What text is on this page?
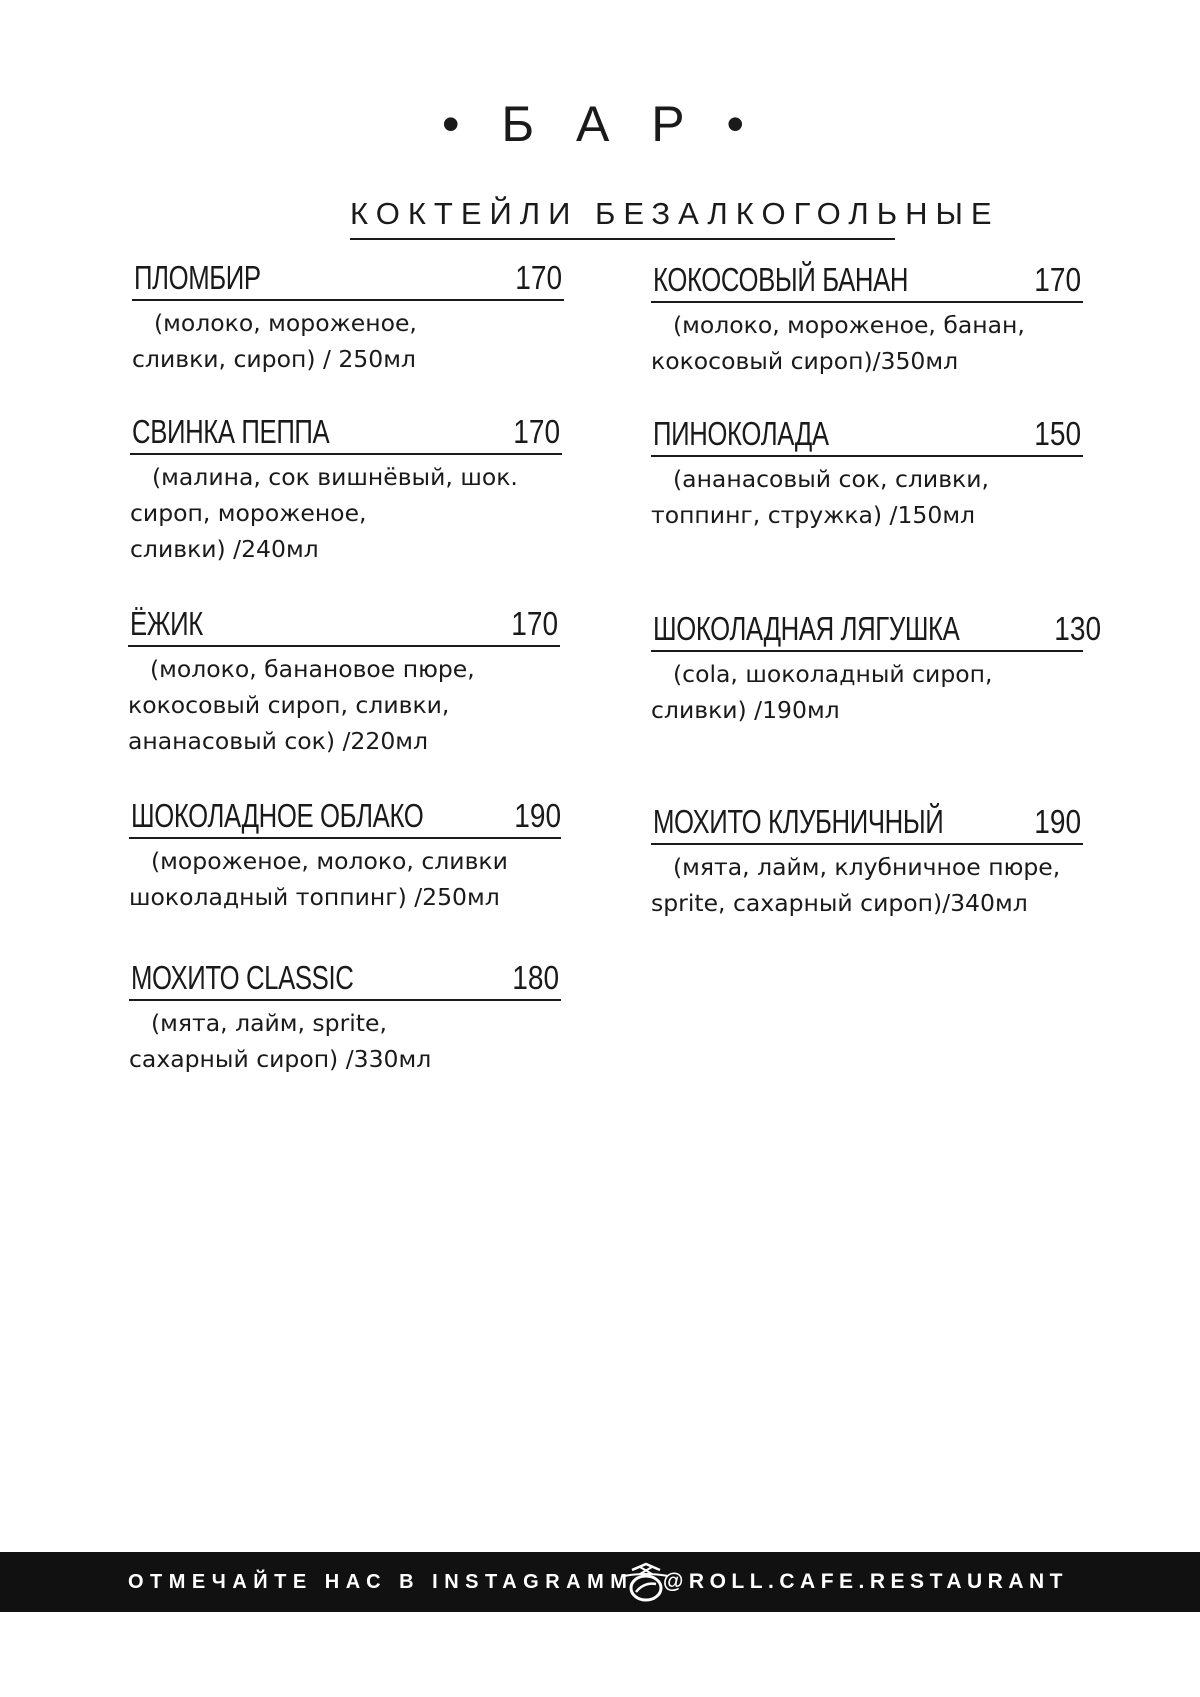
• Б А Р •
КОКТЕЙЛИ БЕЗАЛКОГОЛЬНЫЕ
ПЛОМБИР	170
(молоко, мороженое,
сливки, сироп) / 250мл
СВИНКА ПЕППА	170
(малина, сок вишнёвый, шок.
сироп, мороженое,
сливки) /240мл
ЁЖИК	170
(молоко, банановое пюре,
кокосовый сироп, сливки,
ананасовый сок) /220мл
ШОКОЛАДНОЕ ОБЛАКО	190
(мороженое, молоко, сливки
шоколадный топпинг) /250мл
МОХИТО CLASSIC	180
(мята, лайм, sprite,
сахарный сироп) /330мл
КОКОСОВЫЙ БАНАН	170
(молоко, мороженое, банан,
кокосовый сироп)/350мл
ПИНОКОЛАДА	150
(ананасовый сок, сливки,
топпинг, стружка) /150мл
ШОКОЛАДНАЯ ЛЯГУШКА	130
(cola, шоколадный сироп,
сливки) /190мл
МОХИТО КЛУБНИЧНЫЙ	190
(мята, лайм, клубничное пюре,
sprite, сахарный сироп)/340мл
ОТМЕЧАЙТЕ НАС В INSTAGRAMM @ROLL.CAFE.RESTAURANT
